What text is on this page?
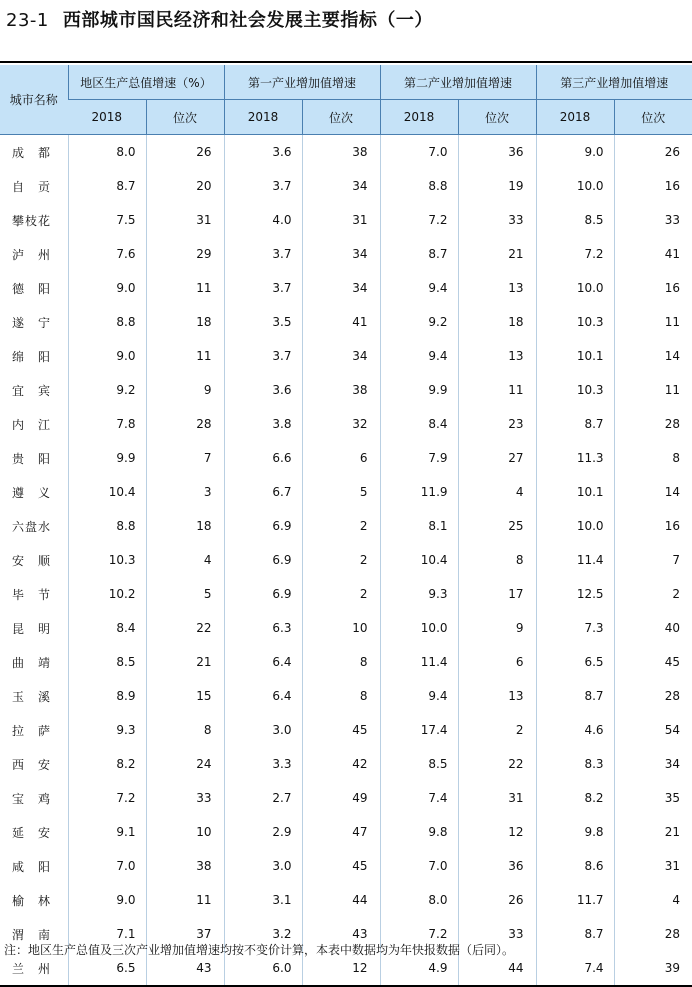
23-1 西部城市国民经济和社会发展主要指标（一）
城市名称	地区生产总值增速（%）		第一产业增加值增速		第二产业增加值增速		第三产业增加值增速	
	2018	位次	2018	位次	2018	位次	2018	位次
成　都	8.0	26	3.6	38	7.0	36	9.0	26
自　贡	8.7	20	3.7	34	8.8	19	10.0	16
攀枝花	7.5	31	4.0	31	7.2	33	8.5	33
泸　州	7.6	29	3.7	34	8.7	21	7.2	41
德　阳	9.0	11	3.7	34	9.4	13	10.0	16
遂　宁	8.8	18	3.5	41	9.2	18	10.3	11
绵　阳	9.0	11	3.7	34	9.4	13	10.1	14
宜　宾	9.2	9	3.6	38	9.9	11	10.3	11
内　江	7.8	28	3.8	32	8.4	23	8.7	28
贵　阳	9.9	7	6.6	6	7.9	27	11.3	8
遵　义	10.4	3	6.7	5	11.9	4	10.1	14
六盘水	8.8	18	6.9	2	8.1	25	10.0	16
安　顺	10.3	4	6.9	2	10.4	8	11.4	7
毕　节	10.2	5	6.9	2	9.3	17	12.5	2
昆　明	8.4	22	6.3	10	10.0	9	7.3	40
曲　靖	8.5	21	6.4	8	11.4	6	6.5	45
玉　溪	8.9	15	6.4	8	9.4	13	8.7	28
拉　萨	9.3	8	3.0	45	17.4	2	4.6	54
西　安	8.2	24	3.3	42	8.5	22	8.3	34
宝　鸡	7.2	33	2.7	49	7.4	31	8.2	35
延　安	9.1	10	2.9	47	9.8	12	9.8	21
咸　阳	7.0	38	3.0	45	7.0	36	8.6	31
榆　林	9.0	11	3.1	44	8.0	26	11.7	4
渭　南	7.1	37	3.2	43	7.2	33	8.7	28
兰　州	6.5	43	6.0	12	4.9	44	7.4	39
注：地区生产总值及三次产业增加值增速均按不变价计算，本表中数据均为年快报数据（后同）。
